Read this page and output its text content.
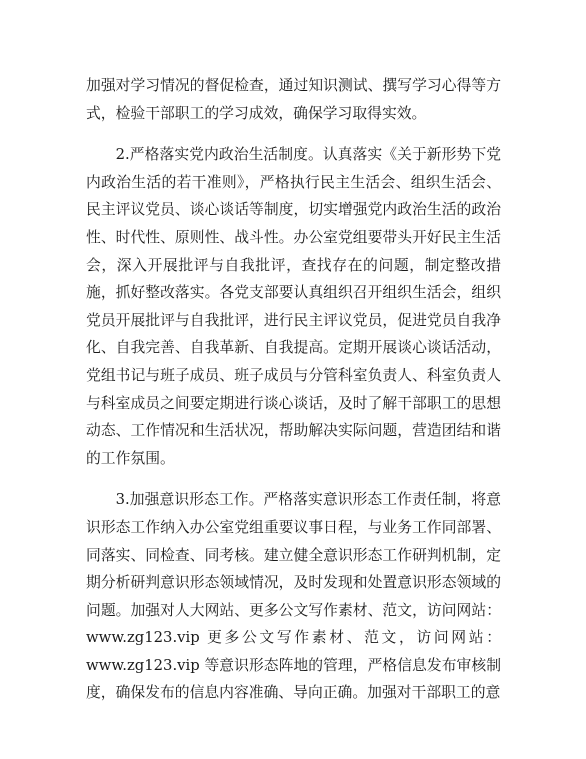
加强对学习情况的督促检查，通过知识测试、撰写学习心得等方式，检验干部职工的学习成效，确保学习取得实效。

2.严格落实党内政治生活制度。认真落实《关于新形势下党内政治生活的若干准则》，严格执行民主生活会、组织生活会、民主评议党员、谈心谈话等制度，切实增强党内政治生活的政治性、时代性、原则性、战斗性。办公室党组要带头开好民主生活会，深入开展批评与自我批评，查找存在的问题，制定整改措施，抓好整改落实。各党支部要认真组织召开组织生活会，组织党员开展批评与自我批评，进行民主评议党员，促进党员自我净化、自我完善、自我革新、自我提高。定期开展谈心谈话活动，党组书记与班子成员、班子成员与分管科室负责人、科室负责人与科室成员之间要定期进行谈心谈话，及时了解干部职工的思想动态、工作情况和生活状况，帮助解决实际问题，营造团结和谐的工作氛围。

3.加强意识形态工作。严格落实意识形态工作责任制，将意识形态工作纳入办公室党组重要议事日程，与业务工作同部署、同落实、同检查、同考核。建立健全意识形态工作研判机制，定期分析研判意识形态领域情况，及时发现和处置意识形态领域的问题。加强对人大网站、更多公文写作素材、范文，访问网站：www.zg123.vip 更多公文写作素材、范文，访问网站：www.zg123.vip 等意识形态阵地的管理，严格信息发布审核制度，确保发布的信息内容准确、导向正确。加强对干部职工的意
